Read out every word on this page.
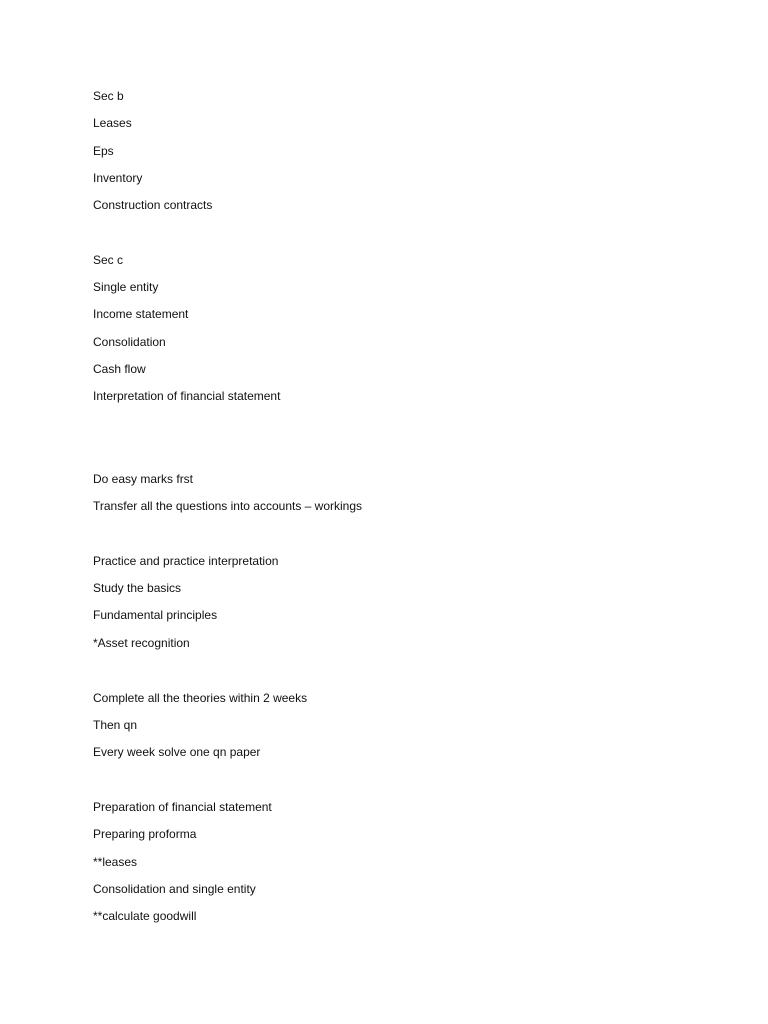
Sec b
Leases
Eps
Inventory
Construction contracts
Sec c
Single entity
Income statement
Consolidation
Cash flow
Interpretation of financial statement
Do easy marks frst
Transfer all the questions into accounts – workings
Practice and practice interpretation
Study the basics
Fundamental principles
*Asset recognition
Complete all the theories within 2 weeks
Then qn
Every week solve one qn paper
Preparation of financial statement
Preparing proforma
**leases
Consolidation and single entity
**calculate goodwill
